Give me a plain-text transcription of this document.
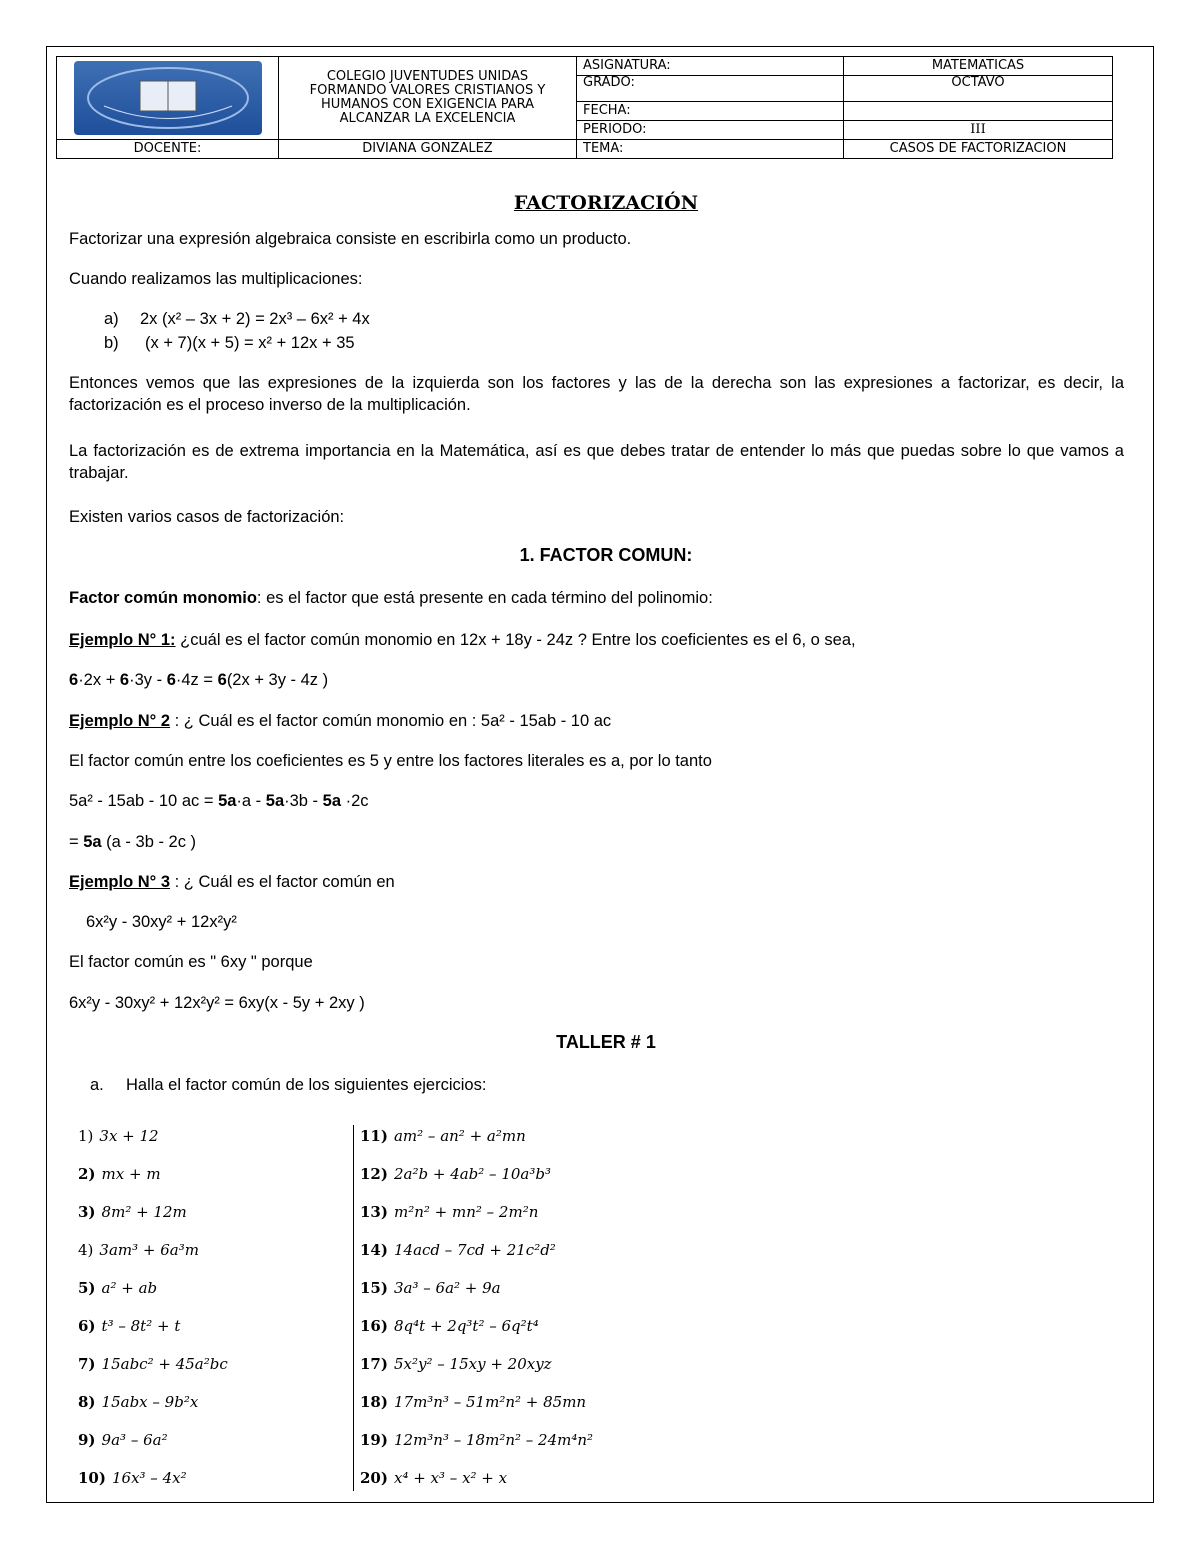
COLEGIO JUVENTUDES UNIDAS
FORMANDO VALORES CRISTIANOS Y
HUMANOS CON EXIGENCIA PARA
ALCANZAR LA EXCELENCIA	ASIGNATURA:	MATEMATICAS
		GRADO:	OCTAVO
		FECHA:	
		PERIODO:	III
DOCENTE:	DIVIANA GONZALEZ	TEMA:	CASOS DE FACTORIZACION
FACTORIZACIÓN
Factorizar una expresión algebraica consiste en escribirla como un producto.
Cuando realizamos las multiplicaciones:
a) 2x (x² – 3x + 2) = 2x³ – 6x² + 4x
b) (x + 7)(x + 5) = x² + 12x + 35
Entonces vemos que las expresiones de la izquierda son los factores y las de la derecha son las expresiones a factorizar, es decir, la factorización es el proceso inverso de la multiplicación.
La factorización es de extrema importancia en la Matemática, así es que debes tratar de entender lo más que puedas sobre lo que vamos a trabajar.
Existen varios casos de factorización:
1. FACTOR COMUN:
Factor común monomio: es el factor que está presente en cada término del polinomio:
Ejemplo N° 1: ¿cuál es el factor común monomio en 12x + 18y - 24z ? Entre los coeficientes es el 6, o sea,
6·2x + 6·3y - 6·4z = 6(2x + 3y - 4z )
Ejemplo N° 2 : ¿ Cuál es el factor común monomio en : 5a² - 15ab - 10 ac
El factor común entre los coeficientes es 5 y entre los factores literales es a, por lo tanto
5a² - 15ab - 10 ac = 5a·a - 5a·3b - 5a ·2c
= 5a (a - 3b - 2c )
Ejemplo N° 3 : ¿ Cuál es el factor común en
6x²y - 30xy² + 12x²y²
El factor común es " 6xy " porque
6x²y - 30xy² + 12x²y² = 6xy(x - 5y + 2xy )
TALLER # 1
a. Halla el factor común de los siguientes ejercicios:
1) 3x + 12
2) mx + m
3) 8m² + 12m
4) 3am³ + 6a³m
5) a² + ab
6) t³ – 8t² + t
7) 15abc² + 45a²bc
8) 15abx – 9b²x
9) 9a³ – 6a²
10) 16x³ – 4x²
11) am² – an² + a²mn
12) 2a²b + 4ab² – 10a³b³
13) m²n² + mn² – 2m²n
14) 14acd – 7cd + 21c²d²
15) 3a³ – 6a² + 9a
16) 8q⁴t + 2q³t² – 6q²t⁴
17) 5x²y² – 15xy + 20xyz
18) 17m³n³ – 51m²n² + 85mn
19) 12m³n³ – 18m²n² – 24m⁴n²
20) x⁴ + x³ – x² + x
